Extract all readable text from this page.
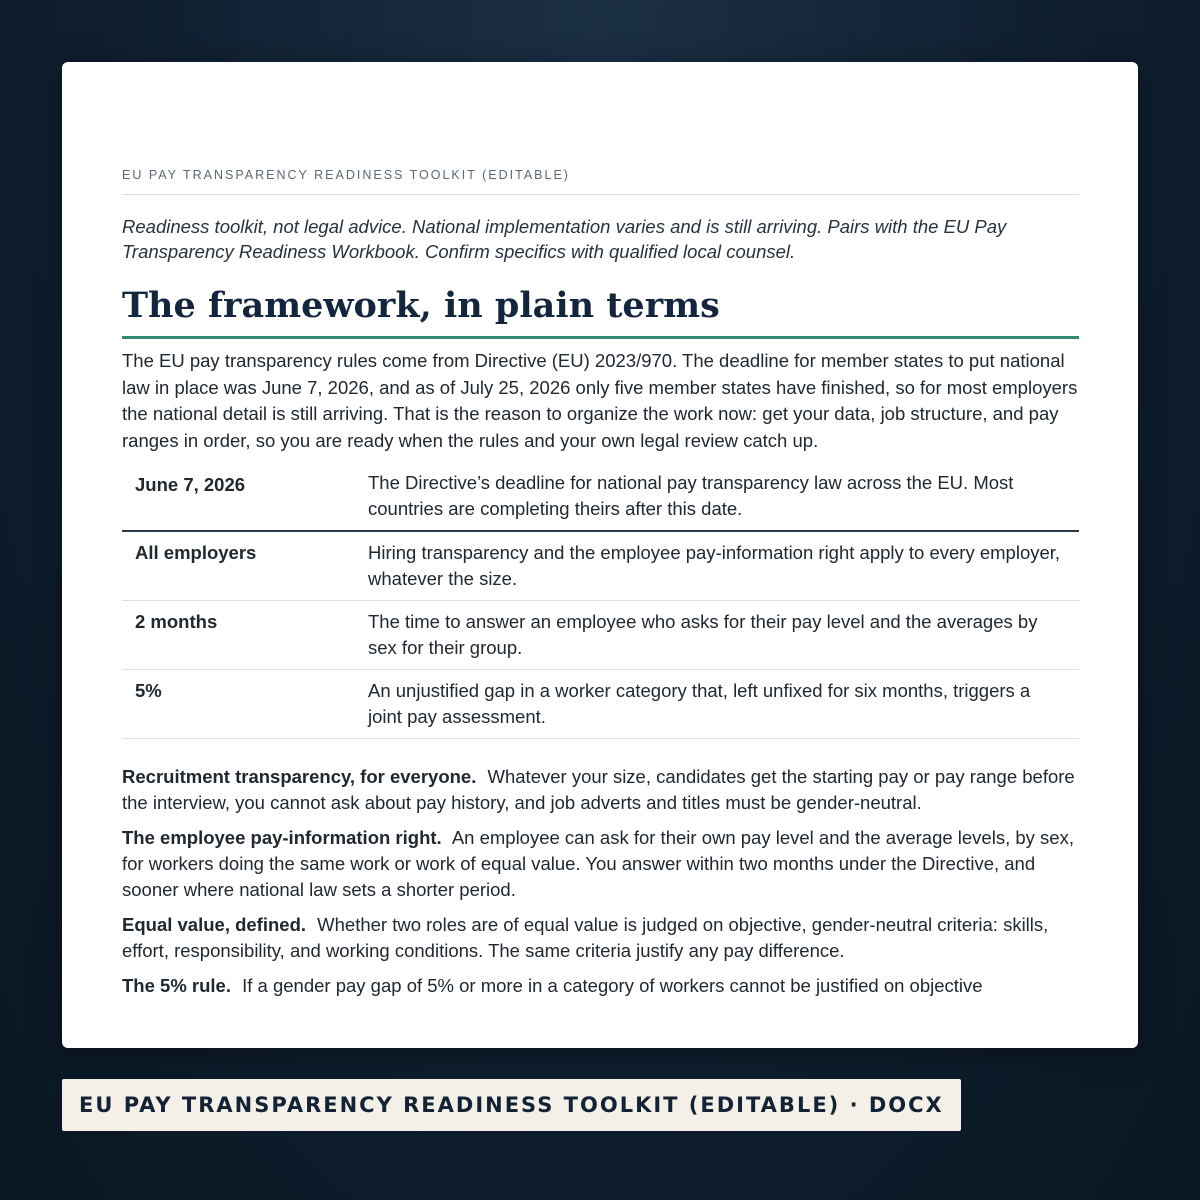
EU PAY TRANSPARENCY READINESS TOOLKIT (EDITABLE)

Readiness toolkit, not legal advice. National implementation varies and is still arriving. Pairs with the EU Pay Transparency Readiness Workbook. Confirm specifics with qualified local counsel.

The framework, in plain terms

The EU pay transparency rules come from Directive (EU) 2023/970. The deadline for member states to put national law in place was June 7, 2026, and as of July 25, 2026 only five member states have finished, so for most employers the national detail is still arriving. That is the reason to organize the work now: get your data, job structure, and pay ranges in order, so you are ready when the rules and your own legal review catch up.

June 7, 2026	The Directive’s deadline for national pay transparency law across the EU. Most countries are completing theirs after this date.
All employers	Hiring transparency and the employee pay-information right apply to every employer, whatever the size.
2 months	The time to answer an employee who asks for their pay level and the averages by sex for their group.
5%	An unjustified gap in a worker category that, left unfixed for six months, triggers a joint pay assessment.

Recruitment transparency, for everyone. Whatever your size, candidates get the starting pay or pay range before the interview, you cannot ask about pay history, and job adverts and titles must be gender-neutral.

The employee pay-information right. An employee can ask for their own pay level and the average levels, by sex, for workers doing the same work or work of equal value. You answer within two months under the Directive, and sooner where national law sets a shorter period.

Equal value, defined. Whether two roles are of equal value is judged on objective, gender-neutral criteria: skills, effort, responsibility, and working conditions. The same criteria justify any pay difference.

The 5% rule. If a gender pay gap of 5% or more in a category of workers cannot be justified on objective

EU PAY TRANSPARENCY READINESS TOOLKIT (EDITABLE) · DOCX
